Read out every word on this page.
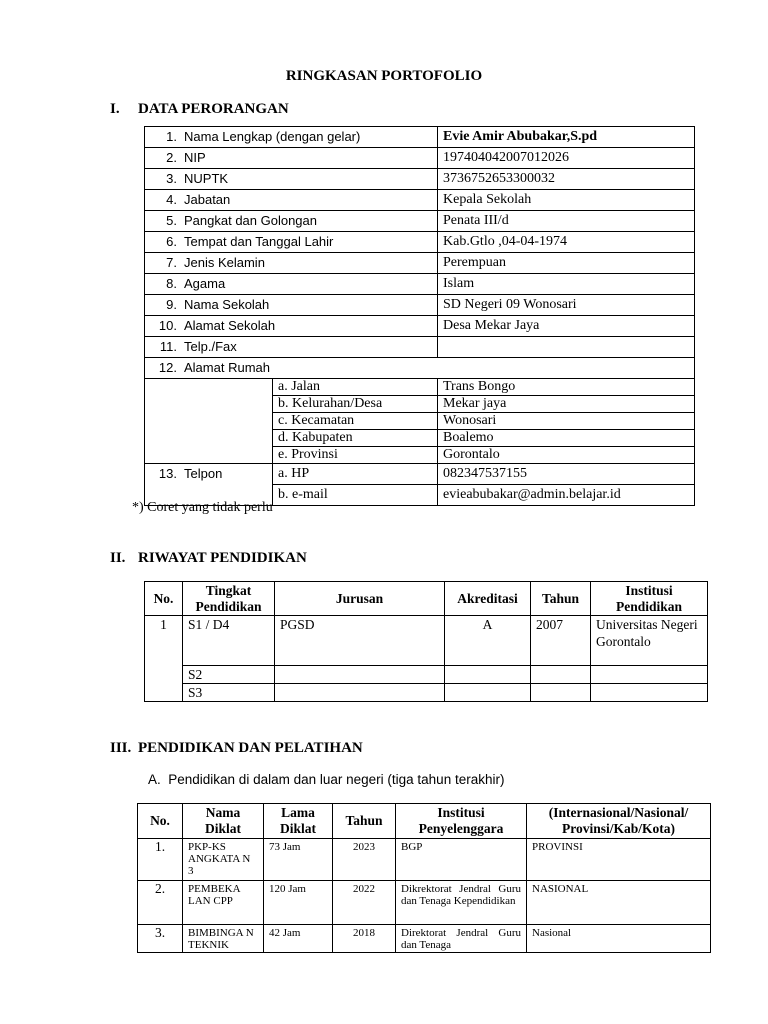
RINGKASAN PORTOFOLIO
I. DATA PERORANGAN
1. Nama Lengkap (dengan gelar)		Evie Amir Abubakar,S.pd
2. NIP		197404042007012026
3. NUPTK		3736752653300032
4. Jabatan		Kepala Sekolah
5. Pangkat dan Golongan		Penata III/d
6. Tempat dan Tanggal Lahir		Kab.Gtlo ,04-04-1974
7. Jenis Kelamin		Perempuan
8. Agama		Islam
9. Nama Sekolah		SD Negeri 09 Wonosari
10. Alamat Sekolah		Desa Mekar Jaya
11. Telp./Fax		
12. Alamat Rumah		
	a. Jalan	Trans Bongo
	b. Kelurahan/Desa	Mekar jaya
	c. Kecamatan	Wonosari
	d. Kabupaten	Boalemo
	e. Provinsi	Gorontalo
13. Telpon	a. HP	082347537155
	b. e-mail	evieabubakar@admin.belajar.id
*) Coret yang tidak perlu
II. RIWAYAT PENDIDIKAN
No.	Tingkat Pendidikan	Jurusan	Akreditasi	Tahun	Institusi Pendidikan
1	S1 / D4	PGSD	A	2007	Universitas Negeri Gorontalo
	S2				
	S3				
III. PENDIDIKAN DAN PELATIHAN
A.  Pendidikan di dalam dan luar negeri (tiga tahun terakhir)
No.	Nama Diklat	Lama Diklat	Tahun	Institusi Penyelenggara	(Internasional/Nasional/ Provinsi/Kab/Kota)
1.	PKP-KS ANGKATA N 3	73 Jam	2023	BGP	PROVINSI
2.	PEMBEKA LAN CPP	120 Jam	2022	Dikrektorat Jendral Guru dan Tenaga Kependidikan	NASIONAL
3.	BIMBINGA N TEKNIK	42 Jam	2018	Direktorat Jendral Guru dan Tenaga	Nasional
